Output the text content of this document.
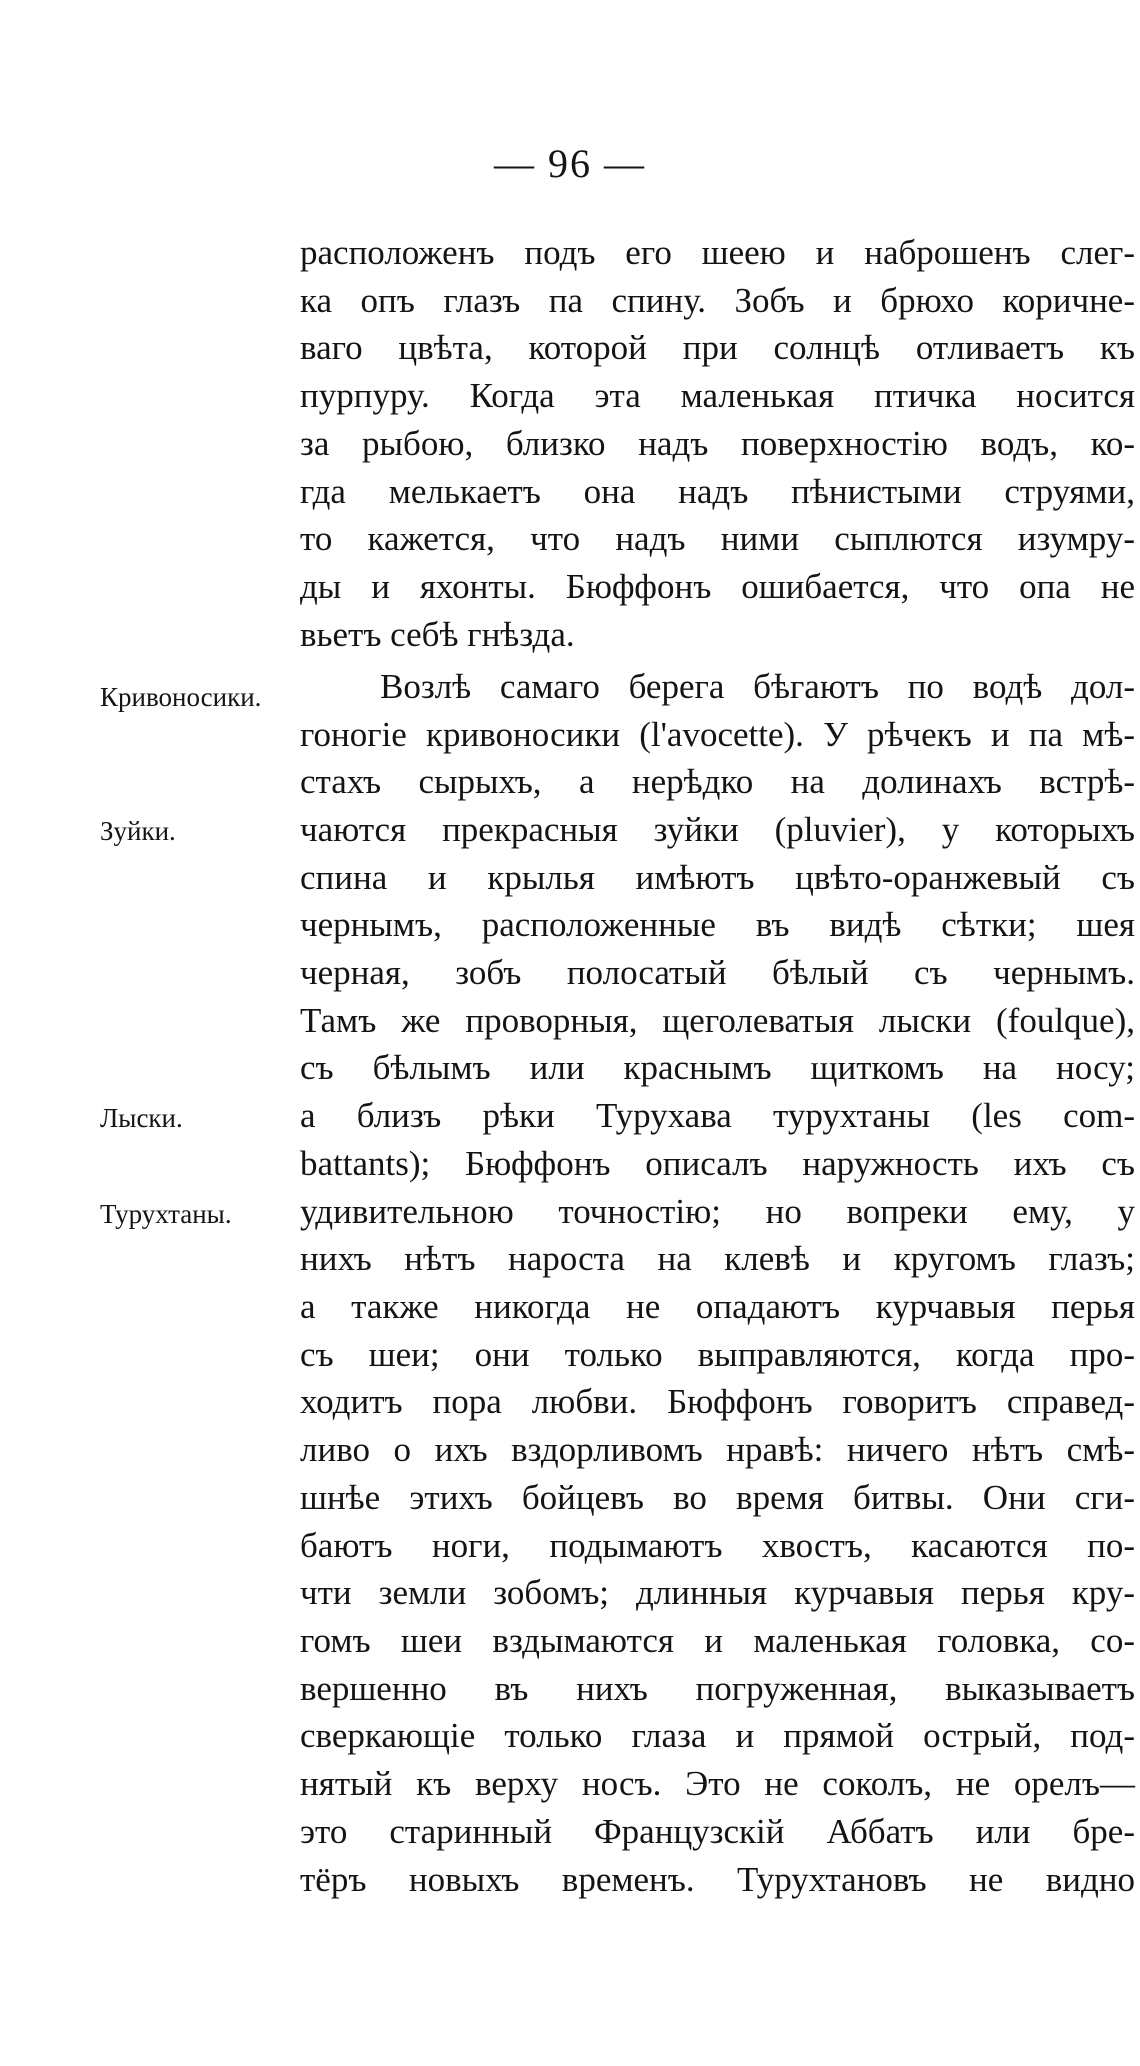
— 96 —
Кривоносики.
Зуйки.
Лыски.
Турухтаны.
расположенъ подъ его шеею и наброшенъ слег-
ка опъ глазъ па спину. Зобъ и брюхо коричне-
ваго цвѣта, которой при солнцѣ отливаетъ къ
пурпуру. Когда эта маленькая птичка носится
за рыбою, близко надъ поверхностію водъ, ко-
гда мелькаетъ она надъ пѣнистыми струями,
то кажется, что надъ ними сыплются изумру-
ды и яхонты. Бюффонъ ошибается, что опа не
вьетъ себѣ гнѣзда.
Возлѣ самаго берега бѣгаютъ по водѣ дол-
гоногіе кривоносики (l'avocette). У рѣчекъ и па мѣ-
стахъ сырыхъ, а нерѣдко на долинахъ встрѣ-
чаются прекрасныя зуйки (pluvier), у которыхъ
спина и крылья имѣютъ цвѣто-оранжевый съ
чернымъ, расположенные въ видѣ сѣтки; шея
черная, зобъ полосатый бѣлый съ чернымъ.
Тамъ же проворныя, щеголеватыя лыски (foulque),
съ бѣлымъ или краснымъ щиткомъ на носу;
а близъ рѣки Турухава турухтаны (les com-
battants); Бюффонъ описалъ наружность ихъ съ
удивительною точностію; но вопреки ему, у
нихъ нѣтъ нароста на клевѣ и кругомъ глазъ;
а также никогда не опадаютъ курчавыя перья
съ шеи; они только выправляются, когда про-
ходитъ пора любви. Бюффонъ говоритъ справед-
ливо о ихъ вздорливомъ нравѣ: ничего нѣтъ смѣ-
шнѣе этихъ бойцевъ во время битвы. Они сги-
баютъ ноги, подымаютъ хвостъ, касаются по-
чти земли зобомъ; длинныя курчавыя перья кру-
гомъ шеи вздымаются и маленькая головка, со-
вершенно въ нихъ погруженная, выказываетъ
сверкающіе только глаза и прямой острый, под-
нятый къ верху носъ. Это не соколъ, не орелъ—
это старинный Французскій Аббатъ или бре-
тёръ новыхъ временъ. Турухтановъ не видно
